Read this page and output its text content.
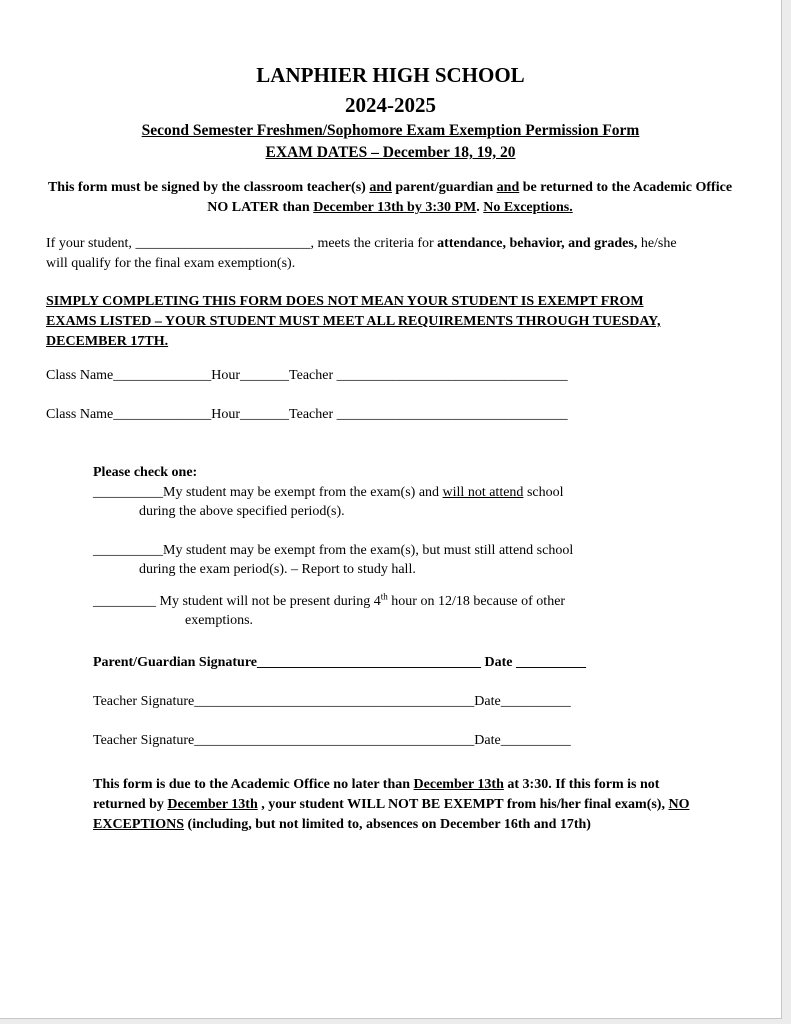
LANPHIER HIGH SCHOOL
2024-2025
Second Semester Freshmen/Sophomore Exam Exemption Permission Form
EXAM DATES – December 18, 19, 20
This form must be signed by the classroom teacher(s) and parent/guardian and be returned to the Academic Office NO LATER than December 13th by 3:30 PM. No Exceptions.
If your student, _________________________, meets the criteria for attendance, behavior, and grades, he/she will qualify for the final exam exemption(s).
SIMPLY COMPLETING THIS FORM DOES NOT MEAN YOUR STUDENT IS EXEMPT FROM EXAMS LISTED – YOUR STUDENT MUST MEET ALL REQUIREMENTS THROUGH TUESDAY, DECEMBER 17TH.
Class Name______________Hour_______Teacher _________________________________
Class Name______________Hour_______Teacher _________________________________
Please check one:
__________My student may be exempt from the exam(s) and will not attend school
during the above specified period(s).
__________My student may be exempt from the exam(s), but must still attend school
during the exam period(s). – Report to study hall.
_________ My student will not be present during 4th hour on 12/18 because of other
exemptions.
Parent/Guardian Signature________________________________ Date __________
Teacher Signature________________________________________Date__________
Teacher Signature________________________________________Date__________
This form is due to the Academic Office no later than December 13th at 3:30. If this form is not returned by December 13th , your student WILL NOT BE EXEMPT from his/her final exam(s), NO EXCEPTIONS (including, but not limited to, absences on December 16th and 17th)
